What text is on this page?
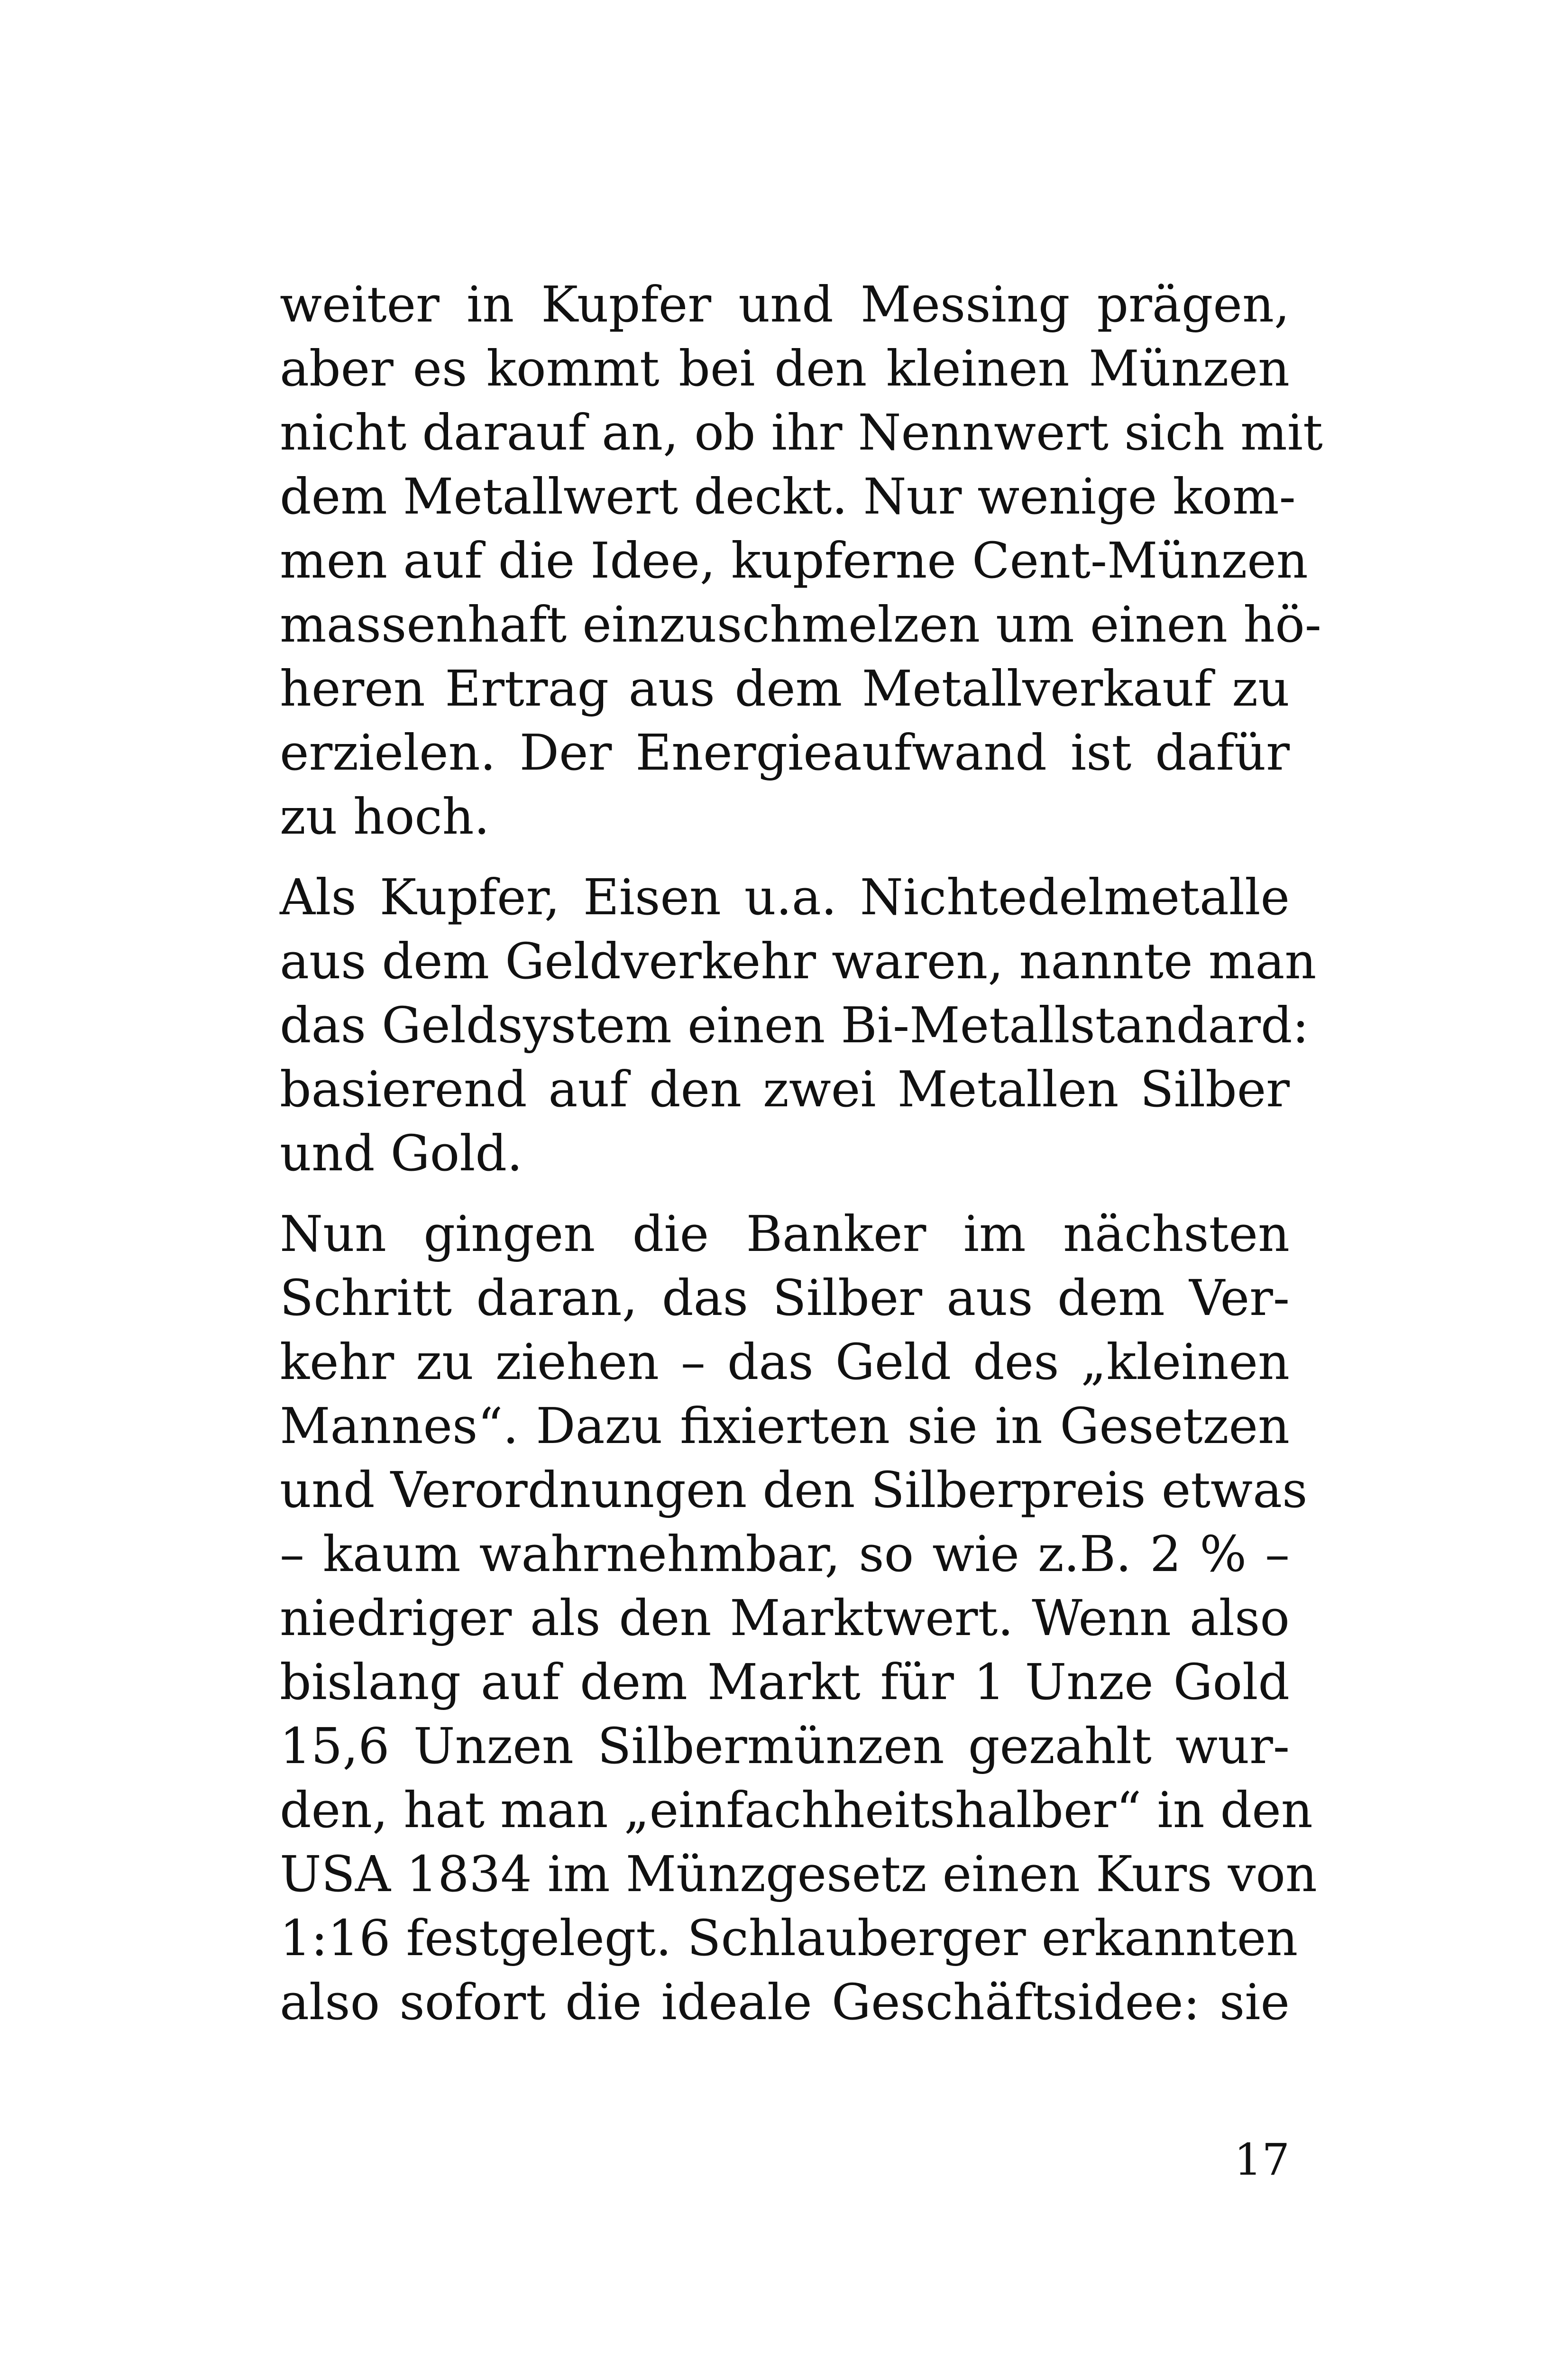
weiter in Kupfer und Messing prägen,
aber es kommt bei den kleinen Münzen
nicht darauf an, ob ihr Nennwert sich mit
dem Metallwert deckt. Nur wenige kom-
men auf die Idee, kupferne Cent-Münzen
massenhaft einzuschmelzen um einen hö-
heren Ertrag aus dem Metallverkauf zu
erzielen. Der Energieaufwand ist dafür
zu hoch.

Als Kupfer, Eisen u.a. Nichtedelmetalle
aus dem Geldverkehr waren, nannte man
das Geldsystem einen Bi-Metallstandard:
basierend auf den zwei Metallen Silber
und Gold.

Nun gingen die Banker im nächsten
Schritt daran, das Silber aus dem Ver-
kehr zu ziehen – das Geld des „kleinen
Mannes“. Dazu fixierten sie in Gesetzen
und Verordnungen den Silberpreis etwas
– kaum wahrnehmbar, so wie z.B. 2 % –
niedriger als den Marktwert. Wenn also
bislang auf dem Markt für 1 Unze Gold
15,6 Unzen Silbermünzen gezahlt wur-
den, hat man „einfachheitshalber“ in den
USA 1834 im Münzgesetz einen Kurs von
1:16 festgelegt. Schlauberger erkannten
also sofort die ideale Geschäftsidee: sie

17
